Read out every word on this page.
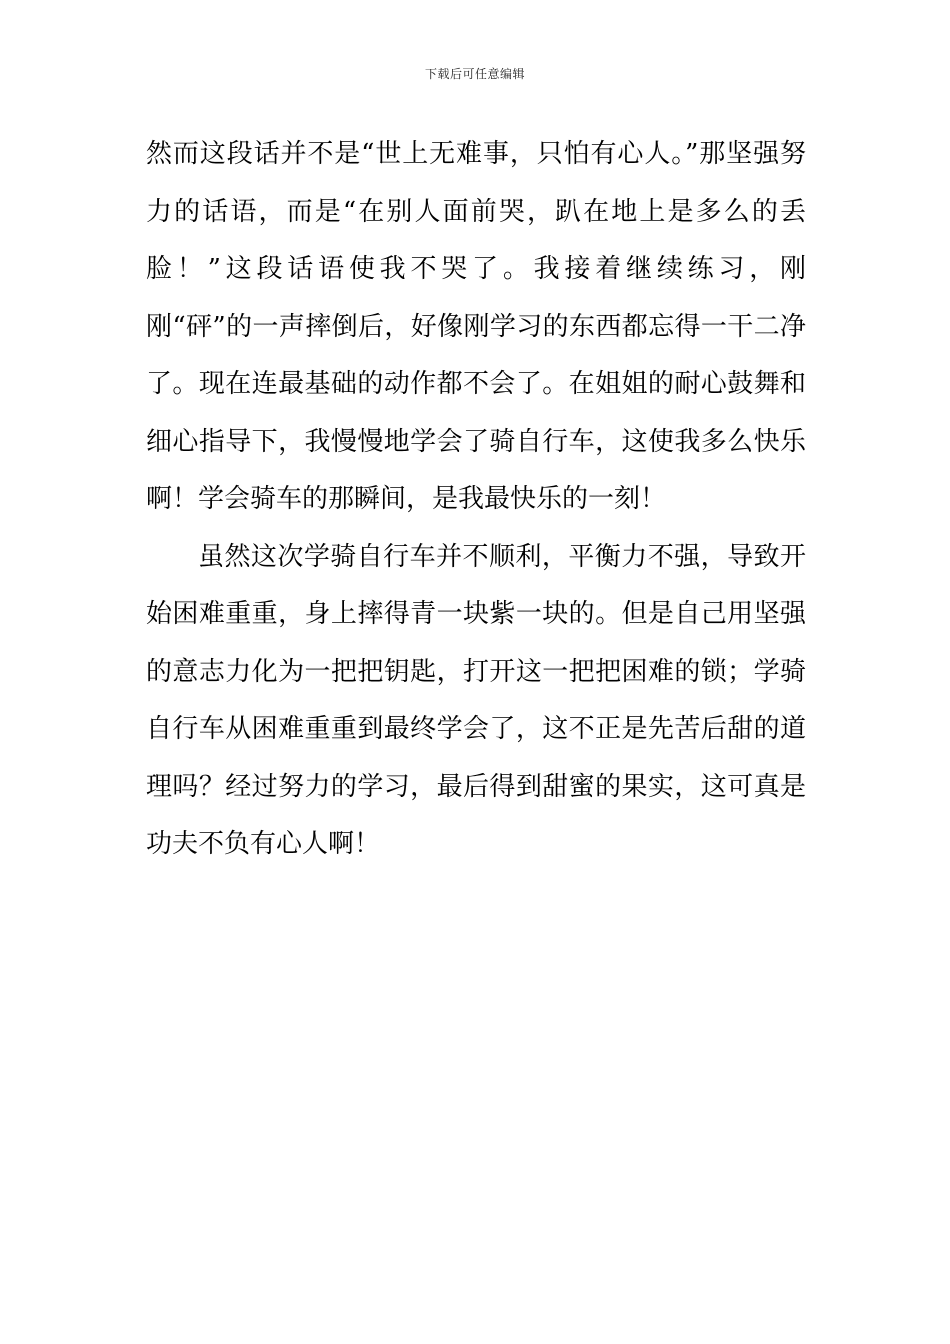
下载后可任意编辑

然而这段话并不是“世上无难事，只怕有心人。”那坚强努力的话语，而是“在别人面前哭，趴在地上是多么的丢脸！”这段话语使我不哭了。我接着继续练习，刚刚“砰”的一声摔倒后，好像刚学习的东西都忘得一干二净了。现在连最基础的动作都不会了。在姐姐的耐心鼓舞和细心指导下，我慢慢地学会了骑自行车，这使我多么快乐啊！学会骑车的那瞬间，是我最快乐的一刻！

虽然这次学骑自行车并不顺利，平衡力不强，导致开始困难重重，身上摔得青一块紫一块的。但是自己用坚强的意志力化为一把把钥匙，打开这一把把困难的锁；学骑自行车从困难重重到最终学会了，这不正是先苦后甜的道理吗？经过努力的学习，最后得到甜蜜的果实，这可真是功夫不负有心人啊！
